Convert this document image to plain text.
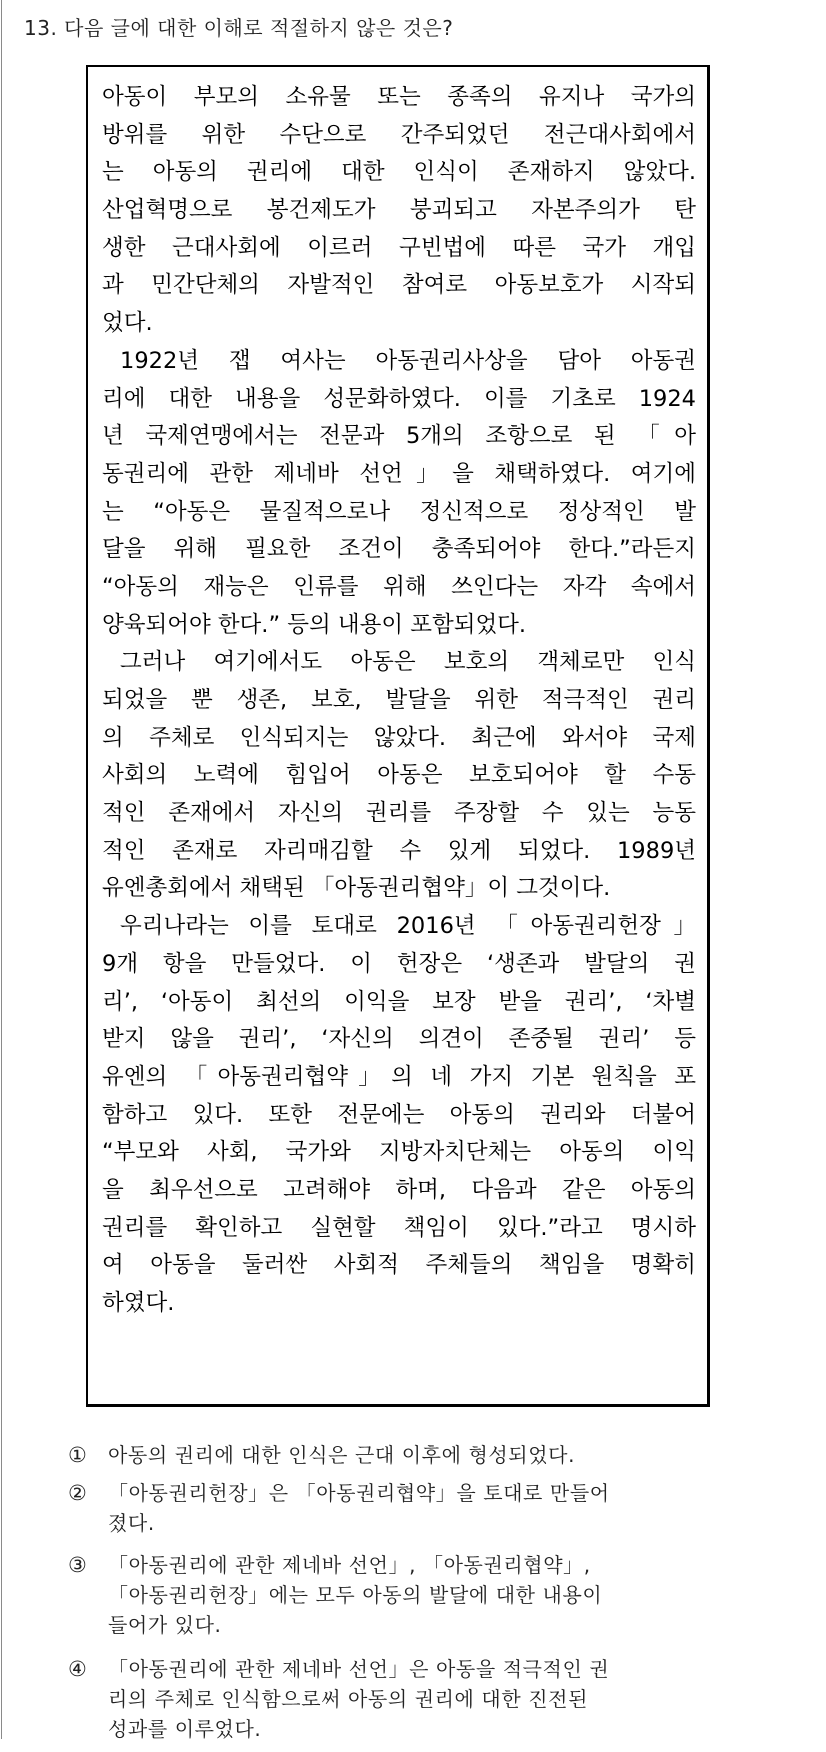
13. 다음 글에 대한 이해로 적절하지 않은 것은?
아동이 부모의 소유물 또는 종족의 유지나 국가의
방위를 위한 수단으로 간주되었던 전근대사회에서
는 아동의 권리에 대한 인식이 존재하지 않았다.
산업혁명으로 봉건제도가 붕괴되고 자본주의가 탄
생한 근대사회에 이르러 구빈법에 따른 국가 개입
과 민간단체의 자발적인 참여로 아동보호가 시작되
었다.
1922년 잽 여사는 아동권리사상을 담아 아동권
리에 대한 내용을 성문화하였다. 이를 기초로 1924
년 국제연맹에서는 전문과 5개의 조항으로 된 「아
동권리에 관한 제네바 선언」을 채택하였다. 여기에
는 “아동은 물질적으로나 정신적으로 정상적인 발
달을 위해 필요한 조건이 충족되어야 한다.”라든지
“아동의 재능은 인류를 위해 쓰인다는 자각 속에서
양육되어야 한다.” 등의 내용이 포함되었다.
그러나 여기에서도 아동은 보호의 객체로만 인식
되었을 뿐 생존, 보호, 발달을 위한 적극적인 권리
의 주체로 인식되지는 않았다. 최근에 와서야 국제
사회의 노력에 힘입어 아동은 보호되어야 할 수동
적인 존재에서 자신의 권리를 주장할 수 있는 능동
적인 존재로 자리매김할 수 있게 되었다. 1989년
유엔총회에서 채택된 「아동권리협약」이 그것이다.
우리나라는 이를 토대로 2016년 「아동권리헌장」
9개 항을 만들었다. 이 헌장은 ‘생존과 발달의 권
리’, ‘아동이 최선의 이익을 보장 받을 권리’, ‘차별
받지 않을 권리’, ‘자신의 의견이 존중될 권리’ 등
유엔의 「아동권리협약」의 네 가지 기본 원칙을 포
함하고 있다. 또한 전문에는 아동의 권리와 더불어
“부모와 사회, 국가와 지방자치단체는 아동의 이익
을 최우선으로 고려해야 하며, 다음과 같은 아동의
권리를 확인하고 실현할 책임이 있다.”라고 명시하
여 아동을 둘러싼 사회적 주체들의 책임을 명확히
하였다.
①	아동의 권리에 대한 인식은 근대 이후에 형성되었다.
②	「아동권리헌장」은 「아동권리협약」을 토대로 만들어
졌다.
③	「아동권리에 관한 제네바 선언」, 「아동권리협약」,
「아동권리헌장」에는 모두 아동의 발달에 대한 내용이
들어가 있다.
④	「아동권리에 관한 제네바 선언」은 아동을 적극적인 권
리의 주체로 인식함으로써 아동의 권리에 대한 진전된
성과를 이루었다.
